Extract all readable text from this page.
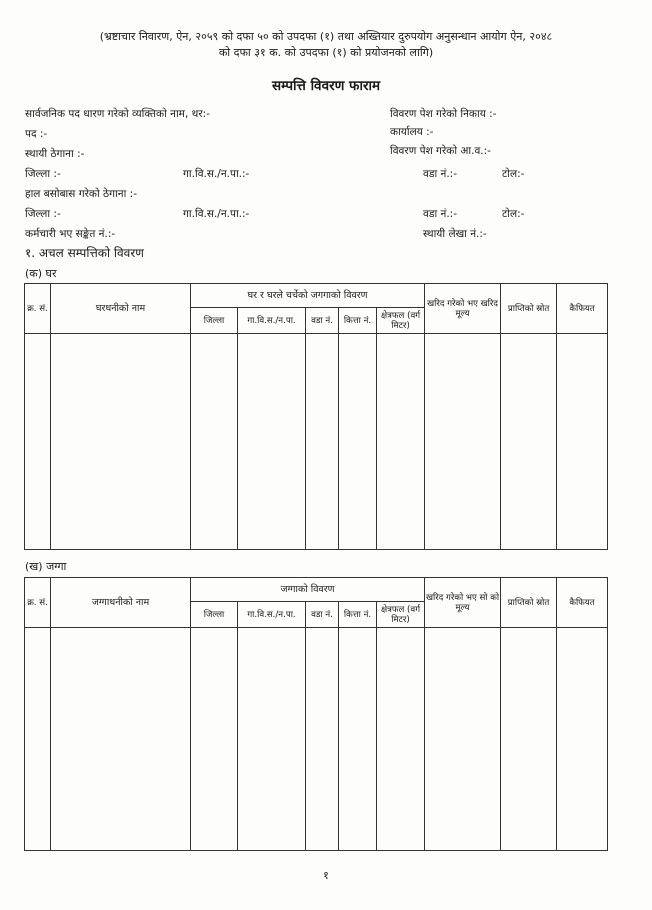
(भ्रष्टाचार निवारण, ऐन, २०५९ को दफा ५० को उपदफा (१) तथा अख्तियार दुरुपयोग अनुसन्धान आयोग ऐन, २०४८
को दफा ३१ क. को उपदफा (१) को प्रयोजनको लागि)
सम्पत्ति विवरण फाराम
सार्वजनिक पद धारण गरेको व्यक्तिको नाम, थर:-	विवरण पेश गरेको निकाय :-
पद :-	कार्यालय :-
स्थायी ठेगाना :-	विवरण पेश गरेको आ.व.:-
जिल्ला :-	गा.वि.स./न.पा.:-	वडा नं.:-	टोल:-
हाल बसोबास गरेको ठेगाना :-
जिल्ला :-	गा.वि.स./न.पा.:-	वडा नं.:-	टोल:-
कर्मचारी भए सङ्केत नं.:-	स्थायी लेखा नं.:-
१. अचल सम्पत्तिको विवरण
(क) घर
क्र. सं.	घरधनीको नाम	घर र घरले चर्चेको जगगाको विवरण					खरिद गरेको भए खरिद मूल्य	प्राप्तिको स्रोत	कैफियत
		जिल्ला	गा.वि.स./न.पा.	वडा नं.	कित्ता नं.	क्षेत्रफल (वर्ग मिटर)			

(ख) जग्गा
क्र. सं.	जग्गाधनीको नाम	जग्गाको विवरण					खरिद गरेको भए सो को मूल्य	प्राप्तिको स्रोत	कैफियत
		जिल्ला	गा.वि.स./न.पा.	वडा नं.	कित्ता नं.	क्षेत्रफल (वर्ग मिटर)			

१
